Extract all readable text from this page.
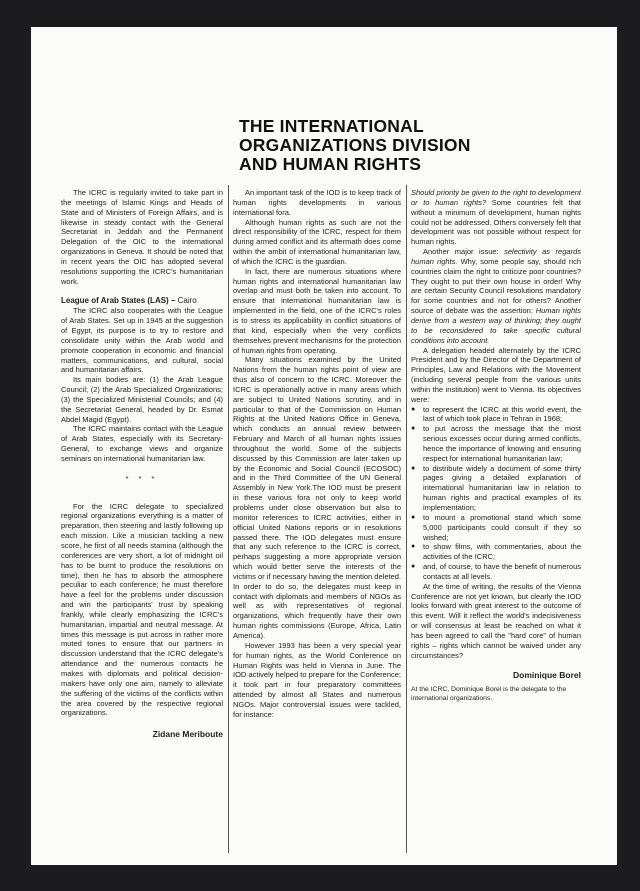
THE INTERNATIONAL
ORGANIZATIONS DIVISION
AND HUMAN RIGHTS

The ICRC is regularly invited to take part in the meetings of Islamic Kings and Heads of State and of Ministers of Foreign Affairs, and is likewise in steady contact with the General Secretariat in Jeddah and the Permanent Delegation of the OIC to the international organizations in Geneva. It should be noted that in recent years the OIC has adopted several resolutions supporting the ICRC's humanitarian work.

League of Arab States (LAS) – Cairo

The ICRC also cooperates with the League of Arab States. Set up in 1945 at the suggestion of Egypt, its purpose is to try to restore and consolidate unity within the Arab world and promote cooperation in economic and financial matters, communications, and cultural, social and humanitarian affairs.

Its main bodies are: (1) the Arab League Council; (2) the Arab Specialized Organizations; (3) the Specialized Ministerial Councils; and (4) the Secretariat General, headed by Dr. Esmat Abdel Magid (Egypt).

The ICRC maintains contact with the League of Arab States, especially with its Secretary-General, to exchange views and organize seminars on international humanitarian law.

* * *

For the ICRC delegate to specialized regional organizations everything is a matter of preparation, then steering and lastly following up each mission. Like a musician tackling a new score, he first of all needs stamina (although the conferences are very short, a lot of midnight oil has to be burnt to produce the resolutions on time), then he has to absorb the atmosphere peculiar to each conference; he must therefore have a feel for the problems under discussion and win the participants' trust by speaking frankly, while clearly emphasizing the ICRC's humanitarian, impartial and neutral message. At times this message is put across in rather more muted tones to ensure that our partners in discussion understand that the ICRC delegate's attendance and the numerous contacts he makes with diplomats and political decision-makers have only one aim, namely to alleviate the suffering of the victims of the conflicts within the area covered by the respective regional organizations.

Zidane Meriboute

An important task of the IOD is to keep track of human rights developments in various international fora.

Although human rights as such are not the direct responsibility of the ICRC, respect for them during armed conflict and its aftermath does come within the ambit of international humanitarian law, of which the ICRC is the guardian.

In fact, there are numerous situations where human rights and international humanitarian law overlap and must both be taken into account. To ensure that international humanitarian law is implemented in the field, one of the ICRC's roles is to stress its applicability in conflict situations of that kind, especially when the very conflicts themselves prevent mechanisms for the protection of human rights from operating.

Many situations examined by the United Nations from the human rights point of view are thus also of concern to the ICRC. Moreover the ICRC is operationally active in many areas which are subject to United Nations scrutiny, and in particular to that of the Commission on Human Rights at the United Nations Office in Geneva, which conducts an annual review between February and March of all human rights issues throughout the world. Some of the subjects discussed by this Commission are later taken up by the Economic and Social Council (ECOSOC) and in the Third Committee of the UN General Assembly in New York.The IOD must be present in these various fora not only to keep world problems under close observation but also to monitor references to ICRC activities, either in official United Nations reports or in resolutions passed there. The IOD delegates must ensure that any such reference to the ICRC is correct, perhaps suggesting a more appropriate version which would better serve the interests of the victims or if necessary having the mention deleted. In order to do so, the delegates must keep in contact with diplomats and members of NGOs as well as with representatives of regional organizations, which frequently have their own human rights commissions (Europe, Africa, Latin America).

However 1993 has been a very special year for human rights, as the World Conference on Human Rights was held in Vienna in June. The IOD actively helped to prepare for the Conference; it took part in four preparatory committees attended by almost all States and numerous NGOs. Major controversial issues were tackled, for instance:

Should priority be given to the right to development or to human rights? Some countries felt that without a minimum of development, human rights could not be addressed. Others conversely felt that development was not possible without respect for human rights.

Another major issue: selectivity as regards human rights. Why, some people say, should rich countries claim the right to criticize poor countries? They ought to put their own house in order! Why are certain Security Council resolutions mandatory for some countries and not for others? Another source of debate was the assertion: Human rights derive from a western way of thinking; they ought to be reconsidered to take specific cultural conditions into account.

A delegation headed alternately by the ICRC President and by the Director of the Department of Principles, Law and Relations with the Movement (including several people from the various units within the institution) went to Vienna. Its objectives were:

● to represent the ICRC at this world event, the last of which took place in Tehran in 1968;
● to put across the message that the most serious excesses occur during armed conflicts, hence the importance of knowing and ensuring respect for international humanitarian law;
● to distribute widely a document of some thirty pages giving a detailed explanation of international humanitarian law in relation to human rights and practical examples of its implementation;
● to mount a promotional stand which some 5,000 participants could consult if they so wished;
● to show films, with commentaries, about the activities of the ICRC;
● and, of course, to have the benefit of numerous contacts at all levels.

At the time of writing, the results of the Vienna Conference are not yet known, but clearly the IOD looks forward with great interest to the outcome of this event. Will it reflect the world's indecisiveness or will consensus at least be reached on what it has been agreed to call the "hard core" of human rights – rights which cannot be waived under any circumstances?

Dominique Borel
At the ICRC, Dominique Borel is the delegate to the international organizations.
